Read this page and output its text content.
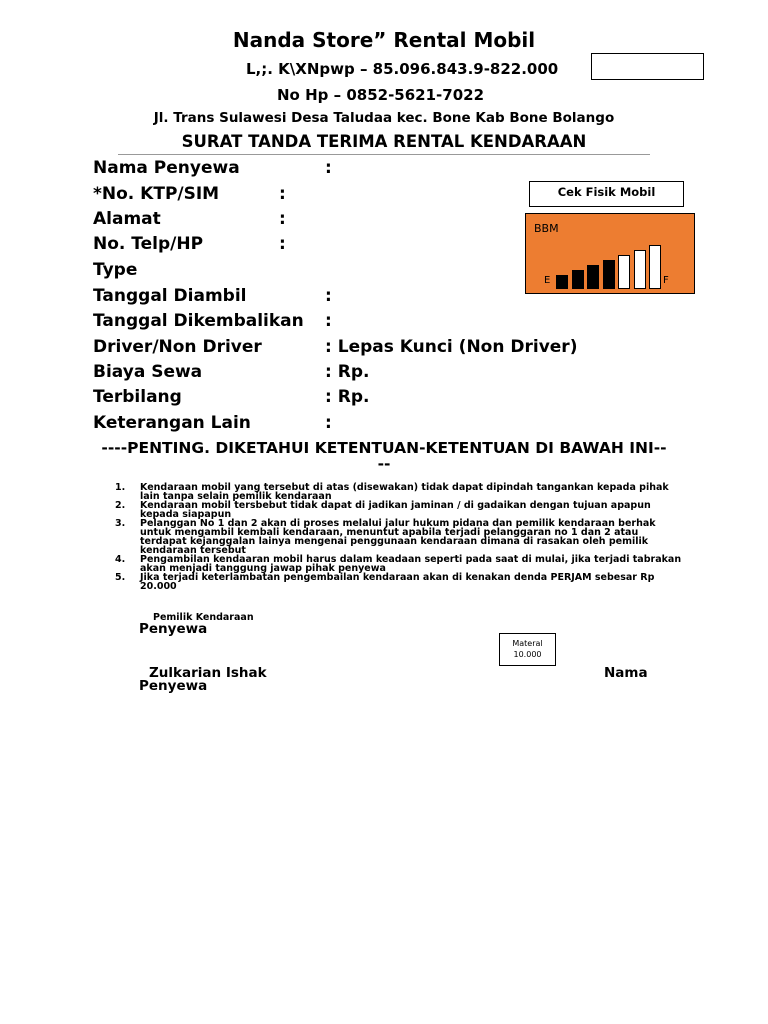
Nanda Store” Rental Mobil
L,;. K\XNpwp – 85.096.843.9-822.000
No Hp – 0852-5621-7022
Jl. Trans Sulawesi Desa Taludaa kec. Bone Kab Bone Bolango
SURAT TANDA TERIMA RENTAL KENDARAAN
Nama Penyewa	:
*No. KTP/SIM	:
Alamat	:
No. Telp/HP	:
Type
Tanggal Diambil	:
Tanggal Dikembalikan :
Driver/Non Driver	: Lepas Kunci (Non Driver)
Biaya Sewa	: Rp.
Terbilang	: Rp.
Keterangan Lain	:
Cek Fisik Mobil
BBM
E	F
----PENTING. DIKETAHUI KETENTUAN-KETENTUAN DI BAWAH INI----
1. Kendaraan mobil yang tersebut di atas (disewakan) tidak dapat dipindah tangankan kepada pihak lain tanpa selain pemilik kendaraan
2. Kendaraan mobil tersbebut tidak dapat di jadikan jaminan / di gadaikan dengan tujuan apapun kepada siapapun
3. Pelanggan No 1 dan 2 akan di proses melalui jalur hukum pidana dan pemilik kendaraan berhak untuk mengambil kembali kendaraan, menuntut apabila terjadi pelanggaran no 1 dan 2 atau terdapat kejanggalan lainya mengenai penggunaan kendaraan dimana di rasakan oleh pemilik kendaraan tersebut
4. Pengambilan kendaaran mobil harus dalam keadaan seperti pada saat di mulai, jika terjadi tabrakan akan menjadi tanggung jawap pihak penyewa
5. Jika terjadi keterlambatan pengembailan kendaraan akan di kenakan denda PERJAM sebesar Rp 20.000
Pemilik Kendaraan
Penyewa
Materal
10.000
Zulkarian Ishak
Penyewa
Nama
